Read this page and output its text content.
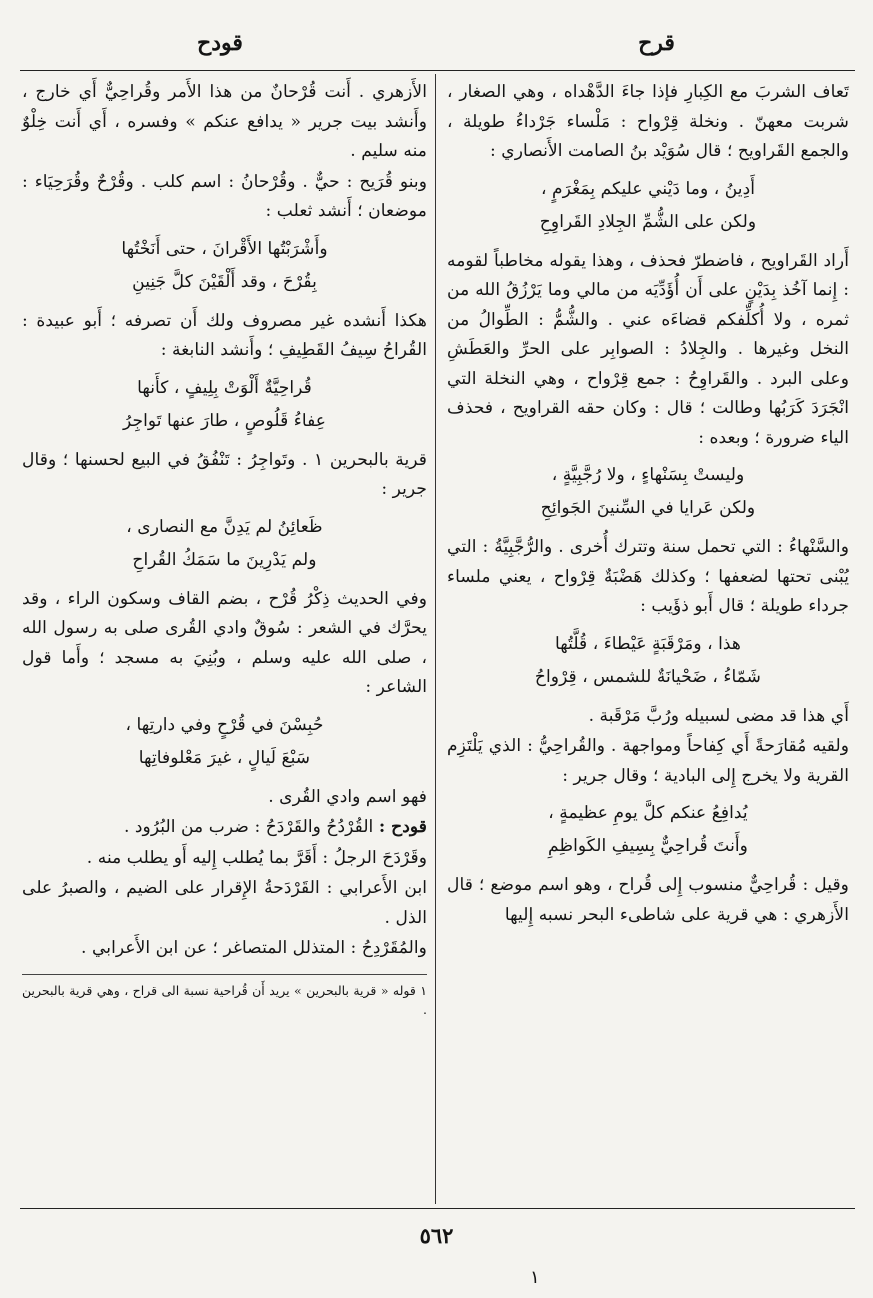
قرح
قودح

تَعاف الشربَ مع الكِبارِ فإذا جاءَ الدَّهْداه ، وهي الصغار ، شربت معهنّ . ونخلة قِرْواح : مَلْساء جَرْداءُ طويلة ، والجمع القَراويح ؛ قال سُوَيْد بنُ الصامت الأَنصاري :

أَدِينُ ، وما دَيْني عليكم بِمَغْرَمٍ ،
ولكن على الشُّمِّ الجِلادِ القَراوِحِ

أَراد القَراويح ، فاضطرّ فحذف ، وهذا يقوله مخاطباً لقومه : إِنما آخُذ بِدَيْنٍ على أَن أُؤَدِّيَه من مالي وما يَرْزُقُ الله من ثمره ، ولا أُكلِّفكم قضاءَه عني . والشُّمُّ : الطِّوالُ من النخل وغيرها . والجِلادُ : الصوابِر على الحرِّ والعَطَشِ وعلى البرد . والقَراوِحُ : جمع قِرْواح ، وهي النخلة التي انْجَرَدَ كَرَبُها وطالت ؛ قال : وكان حقه القراويح ، فحذف الياء ضرورة ؛ وبعده :

وليستْ بِسَنْهاءٍ ، ولا رُجَّبِيَّةٍ ،
ولكن عَرايا في السِّنينَ الجَوائِحِ

والسَّنْهاءُ : التي تحمل سنة وتترك أُخرى . والرُّجَّبِيَّةُ : التي يُبْنى تحتها لضعفها ؛ وكذلك هَضْبَةٌ قِرْواح ، يعني ملساء جرداء طويلة ؛ قال أَبو ذؤَيب :

هذا ، ومَرْقَبَةٍ عَيْطاءَ ، قُلَّتُها
شَمّاءُ ، ضَحْيانَةٌ للشمس ، قِرْواحُ

أَي هذا قد مضى لسبيله ورُبَّ مَرْقَبة .

ولقيه مُقارَحةً أَي كِفاحاً ومواجهة . والقُراحِيُّ : الذي يَلْتَزِم القرية ولا يخرج إِلى البادية ؛ وقال جرير :

يُدافِعُ عنكم كلَّ يومِ عظيمةٍ ،
وأَنتَ قُراحِيٌّ بِسِيفِ الكَواظِمِ

وقيل : قُراحِيٌّ منسوب إِلى قُراح ، وهو اسم موضع ؛ قال الأَزهري : هي قرية على شاطىء البحر نسبه إِليها

الأَزهري . أَنت قُرْحانٌ من هذا الأَمر وقُراحِيٌّ أَي خارج ، وأَنشد بيت جرير « يدافع عنكم » وفسره ، أَي أَنت خِلْوٌ منه سليم .

وبنو قُرَيح : حيٌّ . وقُرْحانُ : اسم كلب . وقُرْحٌ وقُرَحِيَاء : موضعان ؛ أَنشد ثعلب :

وأَشْرَبْتُها الأَقْرانَ ، حتى أَنَخْتُها
بِقُرْحَ ، وقد أَلْقَيْنَ كلَّ جَنِينِ

هكذا أَنشده غير مصروف ولك أَن تصرفه ؛ أَبو عبيدة : القُراحُ سِيفُ القَطِيفِ ؛ وأَنشد النابغة :

قُراحِيَّةٌ أَلْوَتْ بِلِيفٍ ، كأَنها
عِفاءُ قَلُوصٍ ، طارَ عنها تَواجِرُ

قرية بالبحرين ١ . وتَواجِرُ : تَنْفُقُ في البيع لحسنها ؛ وقال جرير :

ظَعائِنُ لم يَدِنَّ مع النصارى ،
ولم يَدْرِينَ ما سَمَكُ القُراحِ

وفي الحديث ذِكْرُ قُرْح ، بضم القاف وسكون الراء ، وقد يحرَّك في الشعر : سُوقٌ وادي القُرى صلى به رسول الله ، صلى الله عليه وسلم ، وبُنِيَ به مسجد ؛ وأَما قول الشاعر :

حُبِسْنَ في قُرْحٍ وفي دارتِها ،
سَبْعَ لَيالٍ ، غيرَ مَعْلوفاتِها

فهو اسم وادي القُرى .

قودح : القُرْدُحُ والقَرْدَحُ : ضرب من البُرُود .

وقَرْدَحَ الرجلُ : أَقَرَّ بما يُطلب إِليه أَو يطلب منه .

ابن الأَعرابي : القَرْدَحةُ الإِقرار على الضيم ، والصبرُ على الذل .

والمُقَرْدِحُ : المتذلل المتصاغر ؛ عن ابن الأَعرابي .

١ قوله « قرية بالبحرين » يريد أَن قُراحية نسبة الى قراح ، وهي قرية بالبحرين .

٥٦٢
١
